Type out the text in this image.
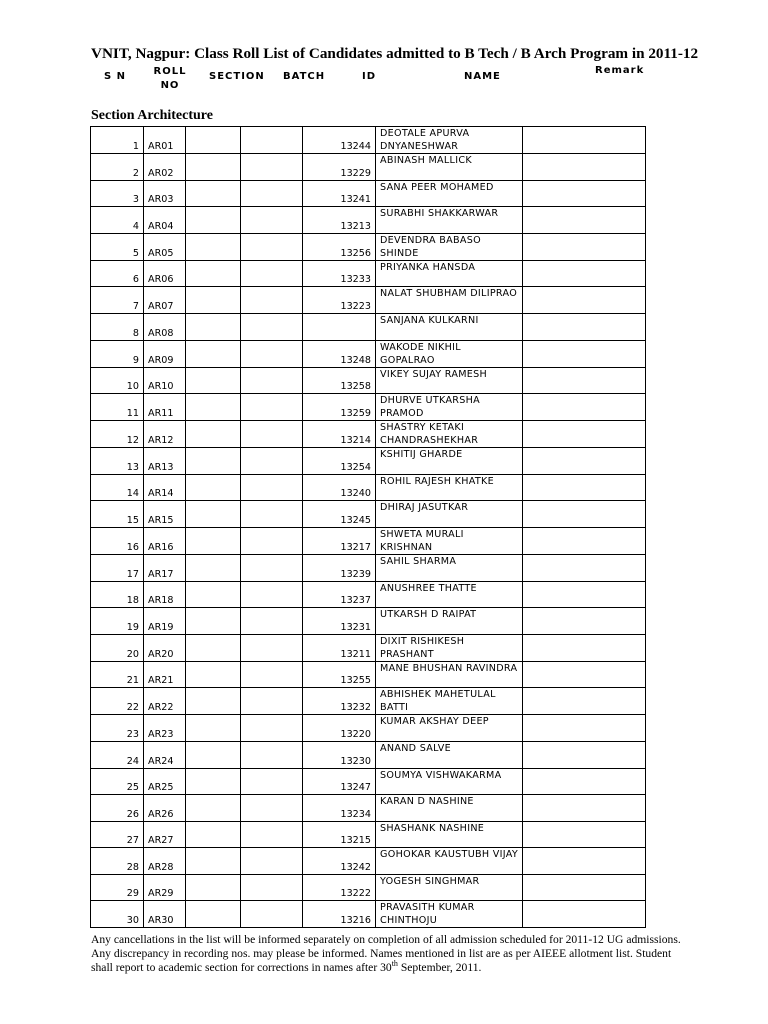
VNIT, Nagpur: Class Roll List of Candidates admitted to B Tech / B Arch Program in 2011-12
S N	ROLL
NO
SECTION BATCH	ID	NAME
Remark
Section Architecture
1	AR01			13244	DEOTALE APURVA DNYANESHWAR	
2	AR02			13229	ABINASH MALLICK	
3	AR03			13241	SANA PEER MOHAMED	
4	AR04			13213	SURABHI SHAKKARWAR	
5	AR05			13256	DEVENDRA BABASO SHINDE	
6	AR06			13233	PRIYANKA HANSDA	
7	AR07			13223	NALAT SHUBHAM DILIPRAO	
8	AR08				SANJANA KULKARNI	
9	AR09			13248	WAKODE NIKHIL GOPALRAO	
10	AR10			13258	VIKEY SUJAY RAMESH	
11	AR11			13259	DHURVE UTKARSHA PRAMOD	
12	AR12			13214	SHASTRY KETAKI CHANDRASHEKHAR	
13	AR13			13254	KSHITIJ GHARDE	
14	AR14			13240	ROHIL RAJESH KHATKE	
15	AR15			13245	DHIRAJ JASUTKAR	
16	AR16			13217	SHWETA MURALI KRISHNAN	
17	AR17			13239	SAHIL SHARMA	
18	AR18			13237	ANUSHREE THATTE	
19	AR19			13231	UTKARSH D RAIPAT	
20	AR20			13211	DIXIT RISHIKESH PRASHANT	
21	AR21			13255	MANE BHUSHAN RAVINDRA	
22	AR22			13232	ABHISHEK MAHETULAL BATTI	
23	AR23			13220	KUMAR AKSHAY DEEP	
24	AR24			13230	ANAND SALVE	
25	AR25			13247	SOUMYA VISHWAKARMA	
26	AR26			13234	KARAN D NASHINE	
27	AR27			13215	SHASHANK NASHINE	
28	AR28			13242	GOHOKAR KAUSTUBH VIJAY	
29	AR29			13222	YOGESH SINGHMAR	
30	AR30			13216	PRAVASITH KUMAR CHINTHOJU	
Any cancellations in the list will be informed separately on completion of all admission scheduled for 2011-12 UG admissions. Any discrepancy in recording nos. may please be informed. Names mentioned in list are as per AIEEE allotment list. Student shall report to academic section for corrections in names after 30th September, 2011.
